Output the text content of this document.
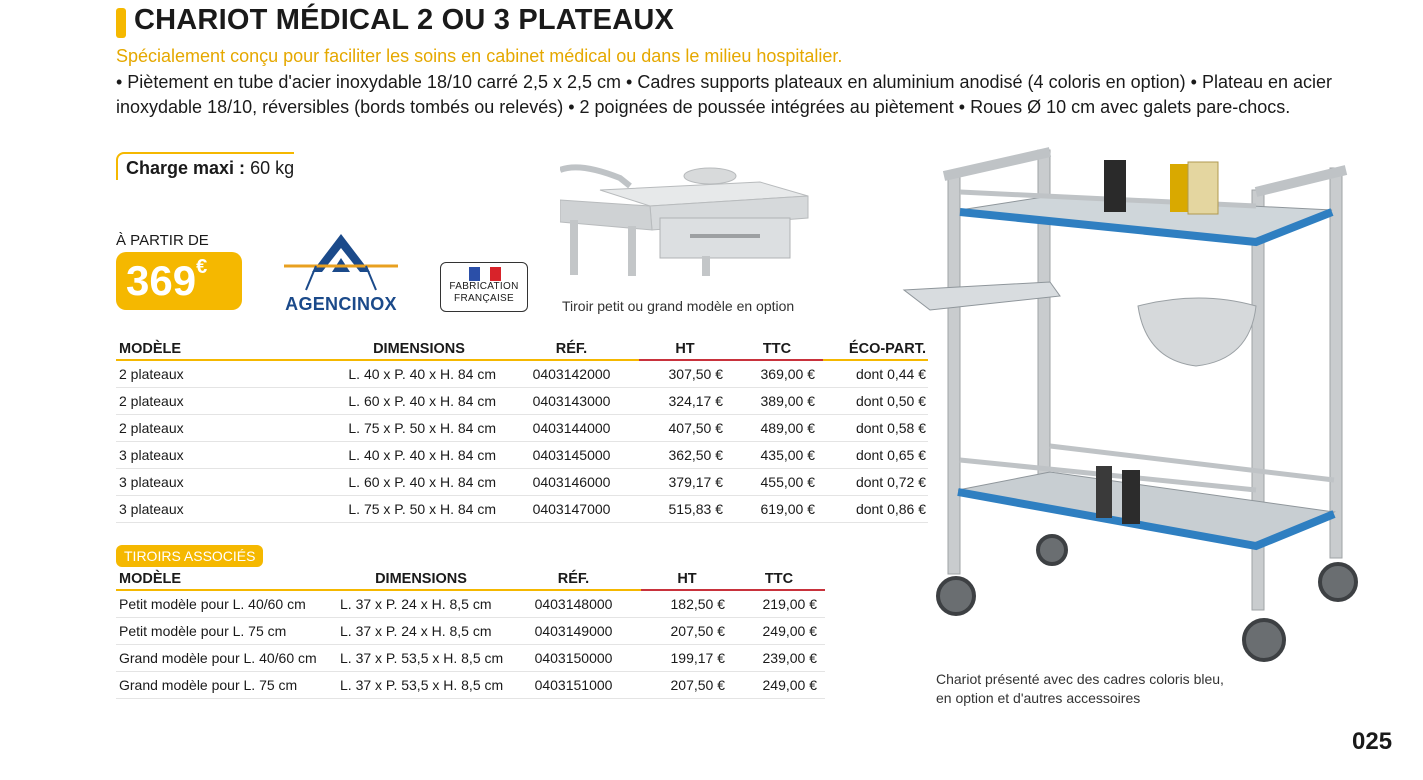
CHARIOT MÉDICAL 2 OU 3 PLATEAUX

Spécialement conçu pour faciliter les soins en cabinet médical ou dans le milieu hospitalier.

• Piètement en tube d'acier inoxydable 18/10 carré 2,5 x 2,5 cm • Cadres supports plateaux en aluminium anodisé (4 coloris en option) • Plateau en acier inoxydable 18/10, réversibles (bords tombés ou relevés) • 2 poignées de poussée intégrées au piètement • Roues Ø 10 cm avec galets pare-chocs.

Charge maxi : 60 kg
À PARTIR DE
369€
AGENCINOX
FABRICATION
FRANÇAISE	Tiroir petit ou grand modèle en option
Chariot présenté avec des cadres coloris bleu,
en option et d'autres accessoires
MODÈLE	DIMENSIONS	RÉF.	HT	TTC	ÉCO-PART.
2 plateaux	L. 40 x P. 40 x H. 84 cm	0403142000	307,50 €	369,00 €	dont 0,44 €
2 plateaux	L. 60 x P. 40 x H. 84 cm	0403143000	324,17 €	389,00 €	dont 0,50 €
2 plateaux	L. 75 x P. 50 x H. 84 cm	0403144000	407,50 €	489,00 €	dont 0,58 €
3 plateaux	L. 40 x P. 40 x H. 84 cm	0403145000	362,50 €	435,00 €	dont 0,65 €
3 plateaux	L. 60 x P. 40 x H. 84 cm	0403146000	379,17 €	455,00 €	dont 0,72 €
3 plateaux	L. 75 x P. 50 x H. 84 cm	0403147000	515,83 €	619,00 €	dont 0,86 €
TIROIRS ASSOCIÉS
MODÈLE	DIMENSIONS	RÉF.	HT	TTC
Petit modèle pour L. 40/60 cm	L. 37 x P. 24 x H. 8,5 cm	0403148000	182,50 €	219,00 €
Petit modèle pour L. 75 cm	L. 37 x P. 24 x H. 8,5 cm	0403149000	207,50 €	249,00 €
Grand modèle pour L. 40/60 cm	L. 37 x P. 53,5 x H. 8,5 cm	0403150000	199,17 €	239,00 €
Grand modèle pour L. 75 cm	L. 37 x P. 53,5 x H. 8,5 cm	0403151000	207,50 €	249,00 €
025
